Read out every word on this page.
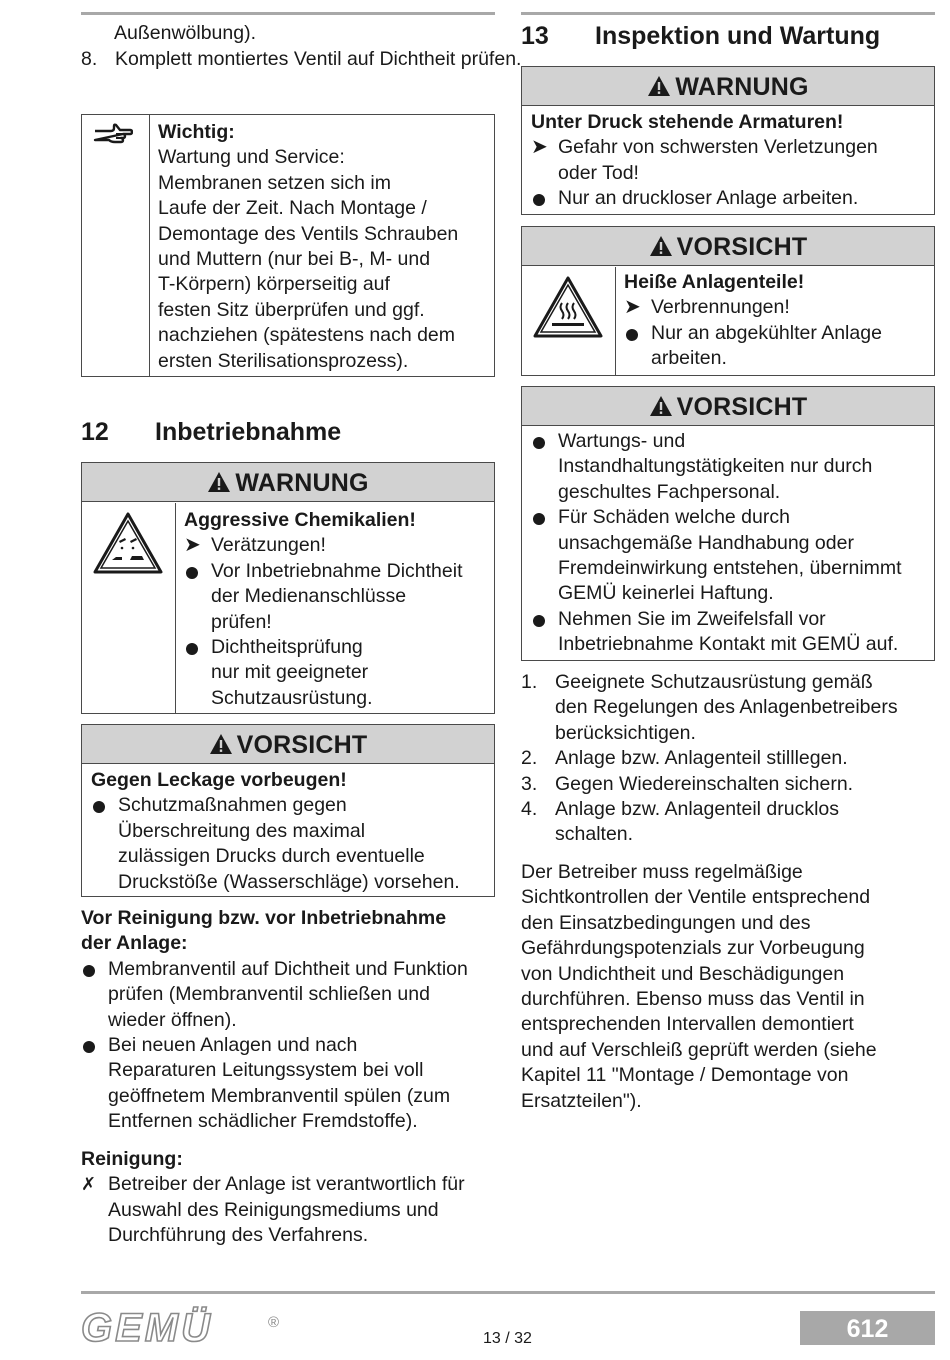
Außenwölbung).
8. Komplett montiertes Ventil auf Dichtheit prüfen.

Wichtig:

Wartung und Service:

Membranen setzen sich im

Laufe der Zeit. Nach Montage /

Demontage des Ventils Schrauben

und Muttern (nur bei B-, M- und

T-Körpern) körperseitig auf

festen Sitz überprüfen und ggf.

nachziehen (spätestens nach dem

ersten Sterilisationsprozess).

12 Inbetriebnahme
WARNUNG

Aggressive Chemikalien!

➤ Verätzungen!

Vor Inbetriebnahme Dichtheit

der Medienanschlüsse

prüfen!

Dichtheitsprüfung

nur mit geeigneter

Schutzausrüstung.

VORSICHT

Gegen Leckage vorbeugen!

Schutzmaßnahmen gegen

Überschreitung des maximal

zulässigen Drucks durch eventuelle

Druckstöße (Wasserschläge) vorsehen.

Vor Reinigung bzw. vor Inbetriebnahme

der Anlage:

Membranventil auf Dichtheit und Funktion

prüfen (Membranventil schließen und

wieder öffnen).

Bei neuen Anlagen und nach

Reparaturen Leitungssystem bei voll

geöffnetem Membranventil spülen (zum

Entfernen schädlicher Fremdstoffe).

Reinigung:

✗ Betreiber der Anlage ist verantwortlich für

Auswahl des Reinigungsmediums und

Durchführung des Verfahrens.

13 Inspektion und Wartung
WARNUNG

Unter Druck stehende Armaturen!

➤ Gefahr von schwersten Verletzungen

oder Tod!

Nur an druckloser Anlage arbeiten.

VORSICHT

Heiße Anlagenteile!

➤ Verbrennungen!

Nur an abgekühlter Anlage

arbeiten.

VORSICHT

Wartungs- und

Instandhaltungstätigkeiten nur durch

geschultes Fachpersonal.

Für Schäden welche durch

unsachgemäße Handhabung oder

Fremdeinwirkung entstehen, übernimmt

GEMÜ keinerlei Haftung.

Nehmen Sie im Zweifelsfall vor

Inbetriebnahme Kontakt mit GEMÜ auf.

1. Geeignete Schutzausrüstung gemäß

den Regelungen des Anlagenbetreibers

berücksichtigen.

2. Anlage bzw. Anlagenteil stilllegen.

3. Gegen Wiedereinschalten sichern.

4. Anlage bzw. Anlagenteil drucklos

schalten.

Der Betreiber muss regelmäßige

Sichtkontrollen der Ventile entsprechend

den Einsatzbedingungen und des

Gefährdungspotenzials zur Vorbeugung

von Undichtheit und Beschädigungen

durchführen. Ebenso muss das Ventil in

entsprechenden Intervallen demontiert

und auf Verschleiß geprüft werden (siehe

Kapitel 11 "Montage / Demontage von

Ersatzteilen").

GEMÜ	®
13 / 32	612
